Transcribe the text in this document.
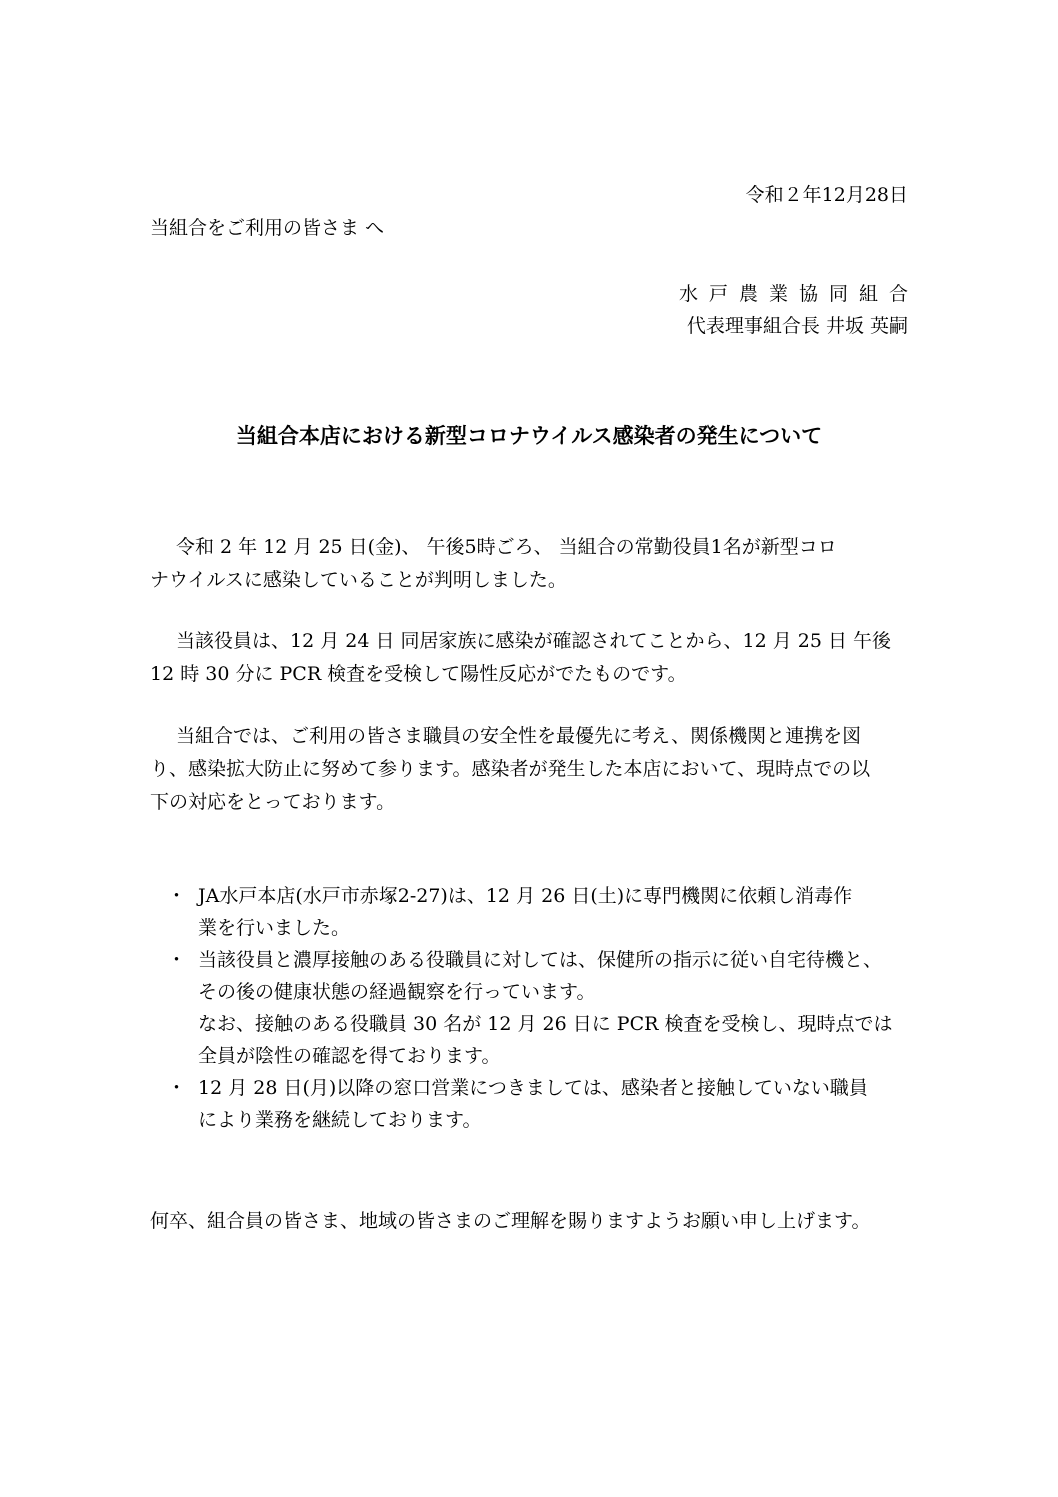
令和２年12月28日
当組合をご利用の皆さま へ
水戸農業協同組合
代表理事組合長 井坂 英嗣
当組合本店における新型コロナウイルス感染者の発生について
令和 2 年 12 月 25 日(金)、 午後5時ごろ、 当組合の常勤役員1名が新型コロ
ナウイルスに感染していることが判明しました。
当該役員は、12 月 24 日 同居家族に感染が確認されてことから、12 月 25 日 午後
12 時 30 分に PCR 検査を受検して陽性反応がでたものです。
当組合では、ご利用の皆さま職員の安全性を最優先に考え、関係機関と連携を図
り、感染拡大防止に努めて参ります。感染者が発生した本店において、現時点での以
下の対応をとっております。
・ JA水戸本店(水戸市赤塚2-27)は、12 月 26 日(土)に専門機関に依頼し消毒作
業を行いました。
・ 当該役員と濃厚接触のある役職員に対しては、保健所の指示に従い自宅待機と、
その後の健康状態の経過観察を行っています。
なお、接触のある役職員 30 名が 12 月 26 日に PCR 検査を受検し、現時点では
全員が陰性の確認を得ております。
・ 12 月 28 日(月)以降の窓口営業につきましては、感染者と接触していない職員
により業務を継続しております。
何卒、組合員の皆さま、地域の皆さまのご理解を賜りますようお願い申し上げます。
